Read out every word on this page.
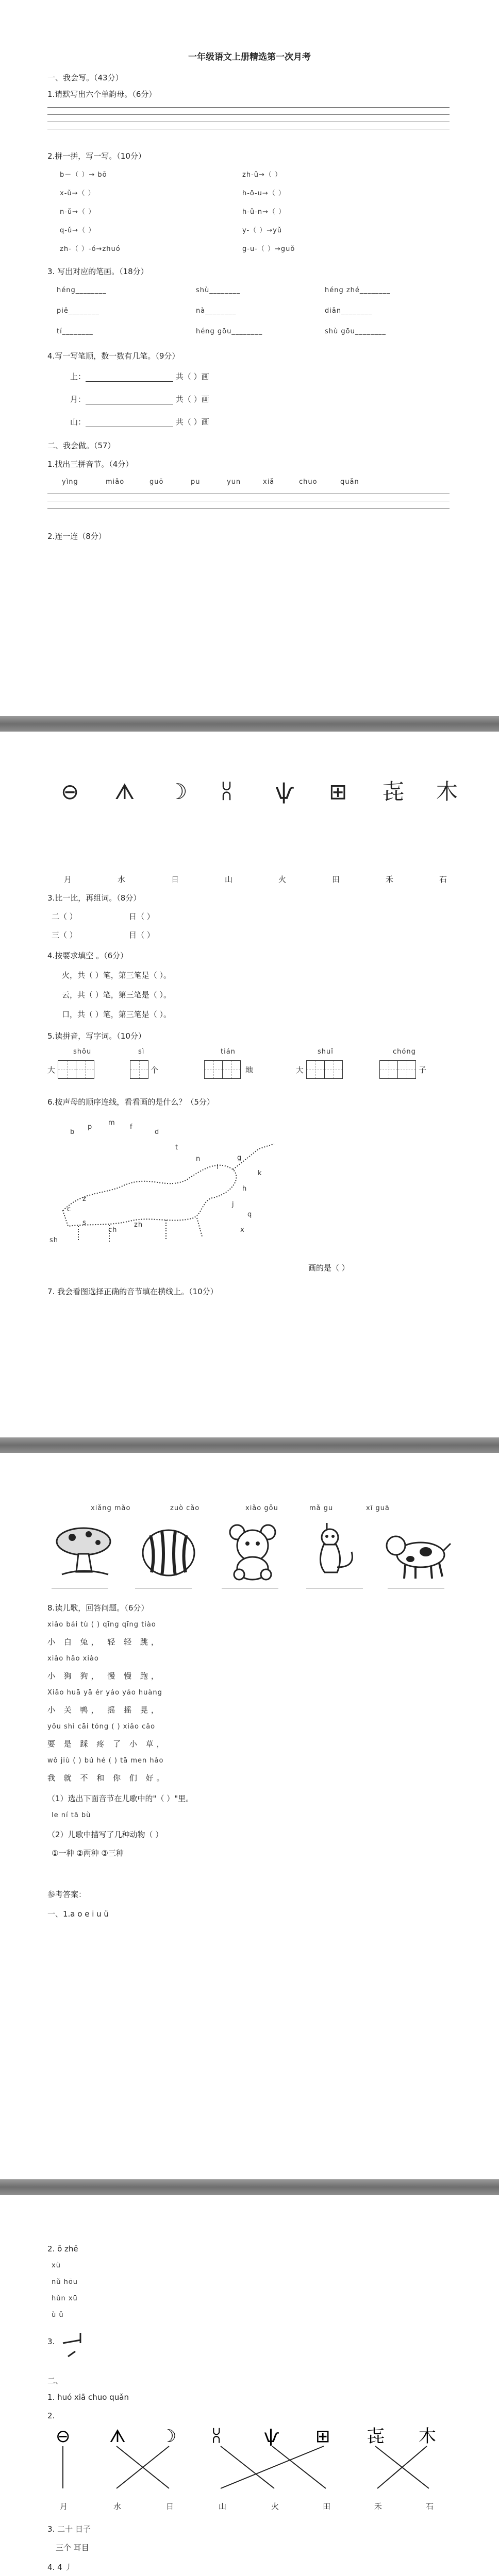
一年级语文上册精选第一次月考
一、我会写。（43分）
1.请默写出六个单韵母。（6分）
2.拼一拼，写一写。（10分）
b－（ ）→ bō	zh-ǔ→（ ）
x-ǔ→（ ）	h-ō-u→（ ）
n-ǔ→（ ）	h-ǔ-n→（ ）
q-ǔ→（ ）	y-（ ）→yǔ
zh-（ ）-ó→zhuó	g-u-（ ）→guǒ
3. 写出对应的笔画。（18分）
héng________	shù________	héng zhé________
piě________	nà________	diǎn________
tí________	héng gōu________	shù gōu________
4.写一写笔顺，数一数有几笔。（9分）
上：	共（ ）画
月：	共（ ）画
山：	共（ ）画
二、我会做。（57）
1.找出三拼音节。（4分）
yìng	miǎo	guō	pu	yun	xiǎ	chuo	quǎn
2.连一连（8分）
⊖ ᗑ ☽ ⩆ ѱ ⊞ 㐂 ⽊
月	水	日	山	火	田	禾	石
3.比一比，再组词。（8分）
二（ ）	日（ ）
三（ ）	目（ ）
4.按要求填空 。（6分）
火，共（ ）笔，第三笔是（ ）。
云，共（ ）笔，第三笔是（ ）。
口，共（ ）笔，第三笔是（ ）。
5.读拼音，写字词。（10分）
shǒu	sì	tián	shuǐ	chóng
大	个	地	大	子
6.按声母的顺序连线，看看画的是什么？（5分）
b
p
m
f
d
t
n
l
g
k
h
j
q
x
z
c
s	zh
ch
sh
画的是（ ）
7. 我会看图选择正确的音节填在横线上。（10分）
xiǎng mǎo	zuò cǎo	xiǎo gǒu	mǎ gu	xī guā
8.读儿歌，回答问题。（6分）
xiǎo bái tù ( ) qīng qīng tiào
小 白 兔， 轻 轻 跳，
xiǎo hǎo xiào
小 狗 狗， 慢 慢 跑，
Xiǎo huā yā ér yáo yáo huàng
小 关 鸭， 摇 摇 晃，
yǒu shì cāi tóng ( ) xiǎo cǎo
要 是 踩 疼 了 小 草，
wǒ jiù ( ) bú hé ( ) tā men hǎo
我 就 不 和 你 们 好。
（1）选出下面音节在儿歌中的"（ ）"里。
le ní tā bù
（2）儿歌中描写了几种动物（ ）
①一种 ②两种 ③三种
参考答案：
一、1.a o e i u ü
2. ō zhē
xù
nǔ hōu
hǔn xū
ù ǔ
3.
二、
1. huó xiā chuo quǎn
2.
⊖ ᗑ ☽ ⩆ ѱ ⊞ 㐂 ⽊
月	水	日	山	火	田	禾	石
3. 二十 日子
三个 耳目
4. 4 丿
